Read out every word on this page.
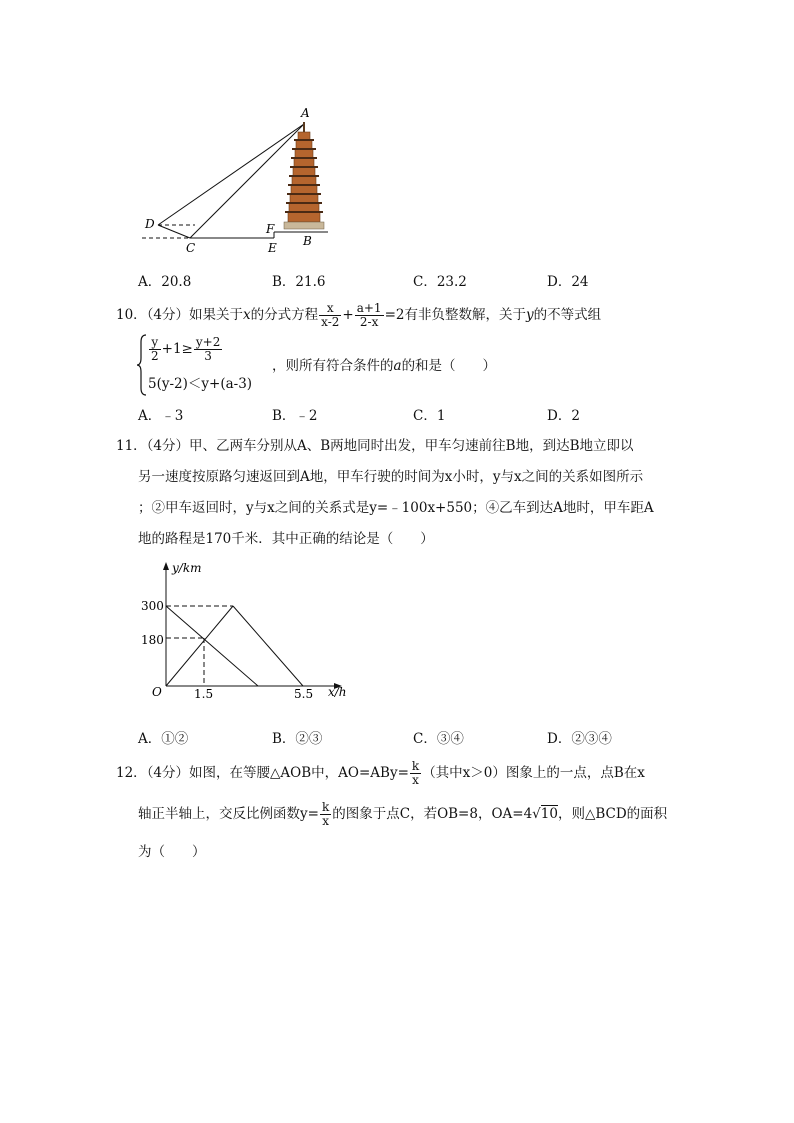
A
D
C
F
E B
A．20.8	B．21.6	C．23.2	D．24
10．（4分）如果关于x的分式方程 $\frac{x}{x-2} + \frac{a+1}{2-x} =2$有非负整数解，关于y的不等式组
$\frac{y}{2} +1\ge \frac{y+2}{3}$
5(y-2)＜y+(a-3)
，则所有符合条件的a的和是（　　）
A．﹣3	B．﹣2	C．1	D．2
11．（4分）甲、乙两车分别从A、B两地同时出发，甲车匀速前往B地，到达B地立即以
另一速度按原路匀速返回到A地，甲车行驶的时间为x小时，y与x之间的关系如图所示
；②甲车返回时，y与x之间的关系式是y=﹣100x+550；④乙车到达A地时，甲车距A
地的路程是170千米．其中正确的结论是（　　）
y/km
x/h
O
300
180
1.5	5.5
A．①②	B．②③	C．③④	D．②③④
12．（4分）如图，在等腰△AOB中，$AO=ABy= \frac{k}{x}$ （其中x＞0）图象上的一点，点B在x
轴正半轴上，交反比例函数$y= \frac{k}{x}$ 的图象于点C，若OB=8，OA=4√10，则△BCD的面积
为（　　）
